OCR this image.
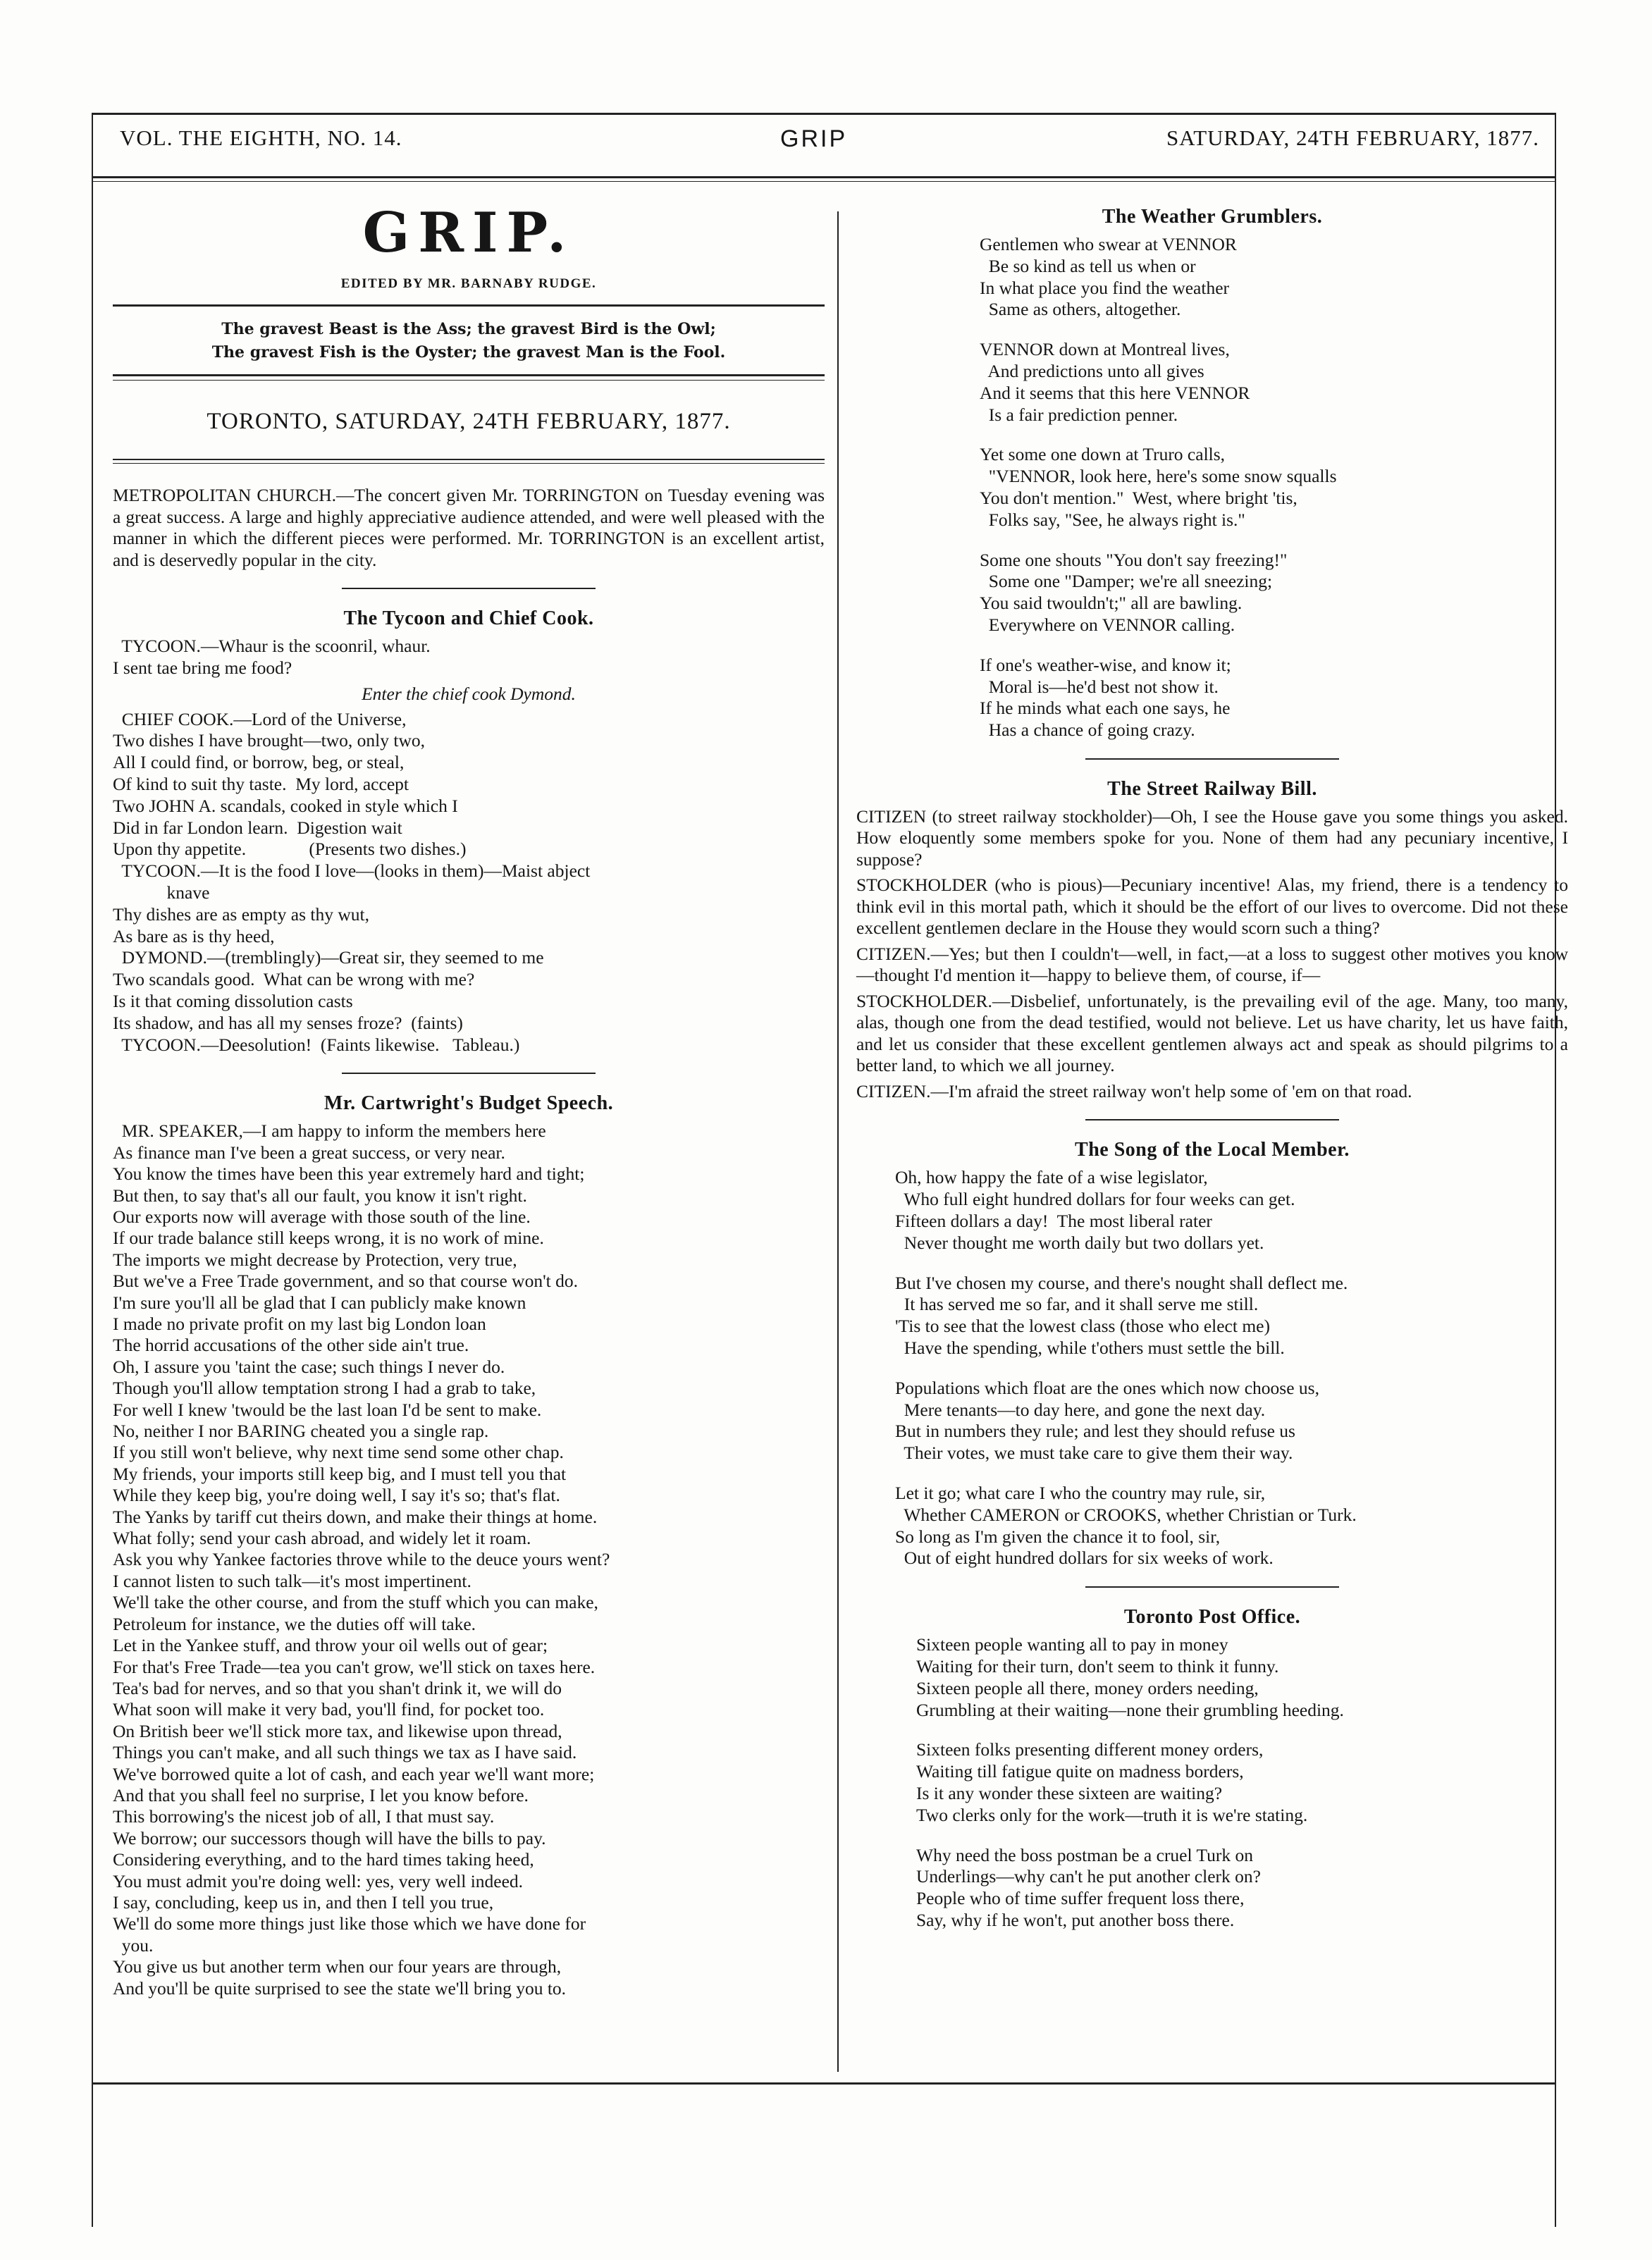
VOL. THE EIGHTH, NO. 14.	GRIP	SATURDAY, 24TH FEBRUARY, 1877.
GRIP.
EDITED BY MR. BARNABY RUDGE.
The gravest Beast is the Ass; the gravest Bird is the Owl;
The gravest Fish is the Oyster; the gravest Man is the Fool.
TORONTO, SATURDAY, 24TH FEBRUARY, 1877.

METROPOLITAN CHURCH.—The concert given Mr. TORRINGTON on Tuesday evening was a great success. A large and highly appreciative audience attended, and were well pleased with the manner in which the different pieces were performed. Mr. TORRINGTON is an excellent artist, and is deservedly popular in the city.

The Tycoon and Chief Cook.
TYCOON.—Whaur is the scoonril, whaur.
I sent tae bring me food?
Enter the chief cook Dymond.
CHIEF COOK.—Lord of the Universe,
Two dishes I have brought—two, only two,
All I could find, or borrow, beg, or steal,
Of kind to suit thy taste.  My lord, accept
Two JOHN A. scandals, cooked in style which I
Did in far London learn.  Digestion wait
Upon thy appetite.              (Presents two dishes.)
TYCOON.—It is the food I love—(looks in them)—Maist abject
knave
Thy dishes are as empty as thy wut,
As bare as is thy heed,
DYMOND.—(tremblingly)—Great sir, they seemed to me
Two scandals good.  What can be wrong with me?
Is it that coming dissolution casts
Its shadow, and has all my senses froze?  (faints)
TYCOON.—Deesolution!  (Faints likewise.   Tableau.)
Mr. Cartwright's Budget Speech.
MR. SPEAKER,—I am happy to inform the members here
As finance man I've been a great success, or very near.
You know the times have been this year extremely hard and tight;
But then, to say that's all our fault, you know it isn't right.
Our exports now will average with those south of the line.
If our trade balance still keeps wrong, it is no work of mine.
The imports we might decrease by Protection, very true,
But we've a Free Trade government, and so that course won't do.
I'm sure you'll all be glad that I can publicly make known
I made no private profit on my last big London loan
The horrid accusations of the other side ain't true.
Oh, I assure you 'taint the case; such things I never do.
Though you'll allow temptation strong I had a grab to take,
For well I knew 'twould be the last loan I'd be sent to make.
No, neither I nor BARING cheated you a single rap.
If you still won't believe, why next time send some other chap.
My friends, your imports still keep big, and I must tell you that
While they keep big, you're doing well, I say it's so; that's flat.
The Yanks by tariff cut theirs down, and make their things at home.
What folly; send your cash abroad, and widely let it roam.
Ask you why Yankee factories throve while to the deuce yours went?
I cannot listen to such talk—it's most impertinent.
We'll take the other course, and from the stuff which you can make,
Petroleum for instance, we the duties off will take.
Let in the Yankee stuff, and throw your oil wells out of gear;
For that's Free Trade—tea you can't grow, we'll stick on taxes here.
Tea's bad for nerves, and so that you shan't drink it, we will do
What soon will make it very bad, you'll find, for pocket too.
On British beer we'll stick more tax, and likewise upon thread,
Things you can't make, and all such things we tax as I have said.
We've borrowed quite a lot of cash, and each year we'll want more;
And that you shall feel no surprise, I let you know before.
This borrowing's the nicest job of all, I that must say.
We borrow; our successors though will have the bills to pay.
Considering everything, and to the hard times taking heed,
You must admit you're doing well: yes, very well indeed.
I say, concluding, keep us in, and then I tell you true,
We'll do some more things just like those which we have done for
you.
You give us but another term when our four years are through,
And you'll be quite surprised to see the state we'll bring you to.
The Weather Grumblers.
Gentlemen who swear at VENNOR
Be so kind as tell us when or
In what place you find the weather
Same as others, altogether.
VENNOR down at Montreal lives,
And predictions unto all gives
And it seems that this here VENNOR
Is a fair prediction penner.
Yet some one down at Truro calls,
"VENNOR, look here, here's some snow squalls
You don't mention."  West, where bright 'tis,
Folks say, "See, he always right is."
Some one shouts "You don't say freezing!"
Some one "Damper; we're all sneezing;
You said twouldn't;" all are bawling.
Everywhere on VENNOR calling.
If one's weather-wise, and know it;
Moral is—he'd best not show it.
If he minds what each one says, he
Has a chance of going crazy.
The Street Railway Bill.

CITIZEN (to street railway stockholder)—Oh, I see the House gave you some things you asked. How eloquently some members spoke for you. None of them had any pecuniary incentive, I suppose?

STOCKHOLDER (who is pious)—Pecuniary incentive! Alas, my friend, there is a tendency to think evil in this mortal path, which it should be the effort of our lives to overcome. Did not these excellent gentlemen declare in the House they would scorn such a thing?

CITIZEN.—Yes; but then I couldn't—well, in fact,—at a loss to suggest other motives you know—thought I'd mention it—happy to believe them, of course, if—

STOCKHOLDER.—Disbelief, unfortunately, is the prevailing evil of the age. Many, too many, alas, though one from the dead testified, would not believe. Let us have charity, let us have faith, and let us consider that these excellent gentlemen always act and speak as should pilgrims to a better land, to which we all journey.

CITIZEN.—I'm afraid the street railway won't help some of 'em on that road.

The Song of the Local Member.
Oh, how happy the fate of a wise legislator,
Who full eight hundred dollars for four weeks can get.
Fifteen dollars a day!  The most liberal rater
Never thought me worth daily but two dollars yet.
But I've chosen my course, and there's nought shall deflect me.
It has served me so far, and it shall serve me still.
'Tis to see that the lowest class (those who elect me)
Have the spending, while t'others must settle the bill.
Populations which float are the ones which now choose us,
Mere tenants—to day here, and gone the next day.
But in numbers they rule; and lest they should refuse us
Their votes, we must take care to give them their way.
Let it go; what care I who the country may rule, sir,
Whether CAMERON or CROOKS, whether Christian or Turk.
So long as I'm given the chance it to fool, sir,
Out of eight hundred dollars for six weeks of work.
Toronto Post Office.
Sixteen people wanting all to pay in money
Waiting for their turn, don't seem to think it funny.
Sixteen people all there, money orders needing,
Grumbling at their waiting—none their grumbling heeding.
Sixteen folks presenting different money orders,
Waiting till fatigue quite on madness borders,
Is it any wonder these sixteen are waiting?
Two clerks only for the work—truth it is we're stating.
Why need the boss postman be a cruel Turk on
Underlings—why can't he put another clerk on?
People who of time suffer frequent loss there,
Say, why if he won't, put another boss there.
